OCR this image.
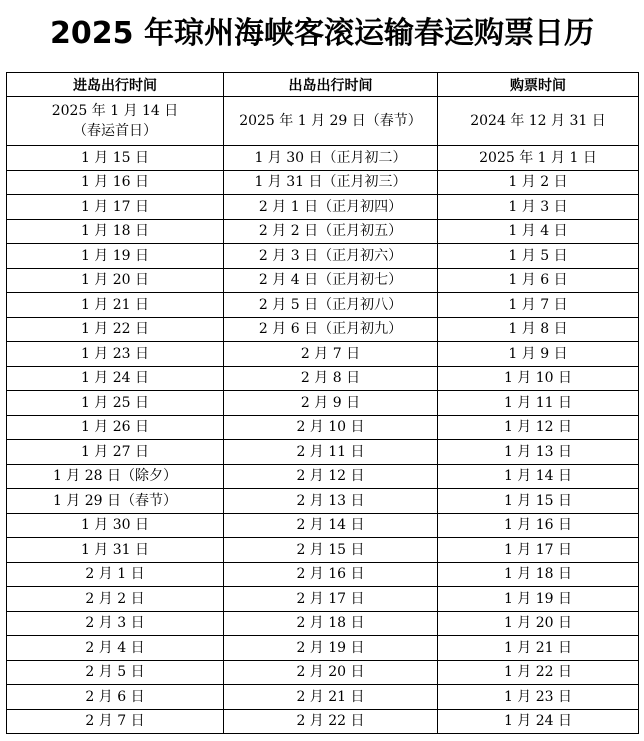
2025 年琼州海峡客滚运输春运购票日历
进岛出行时间	出岛出行时间	购票时间

2025 年 1 月 14 日
（春运首日）	2025 年 1 月 29 日（春节）	2024 年 12 月 31 日
1 月 15 日	1 月 30 日（正月初二）	2025 年 1 月 1 日
1 月 16 日	1 月 31 日（正月初三）	1 月 2 日
1 月 17 日	2 月 1 日（正月初四）	1 月 3 日
1 月 18 日	2 月 2 日（正月初五）	1 月 4 日
1 月 19 日	2 月 3 日（正月初六）	1 月 5 日
1 月 20 日	2 月 4 日（正月初七）	1 月 6 日
1 月 21 日	2 月 5 日（正月初八）	1 月 7 日
1 月 22 日	2 月 6 日（正月初九）	1 月 8 日
1 月 23 日	2 月 7 日	1 月 9 日
1 月 24 日	2 月 8 日	1 月 10 日
1 月 25 日	2 月 9 日	1 月 11 日
1 月 26 日	2 月 10 日	1 月 12 日
1 月 27 日	2 月 11 日	1 月 13 日
1 月 28 日（除夕）	2 月 12 日	1 月 14 日
1 月 29 日（春节）	2 月 13 日	1 月 15 日
1 月 30 日	2 月 14 日	1 月 16 日
1 月 31 日	2 月 15 日	1 月 17 日
2 月 1 日	2 月 16 日	1 月 18 日
2 月 2 日	2 月 17 日	1 月 19 日
2 月 3 日	2 月 18 日	1 月 20 日
2 月 4 日	2 月 19 日	1 月 21 日
2 月 5 日	2 月 20 日	1 月 22 日
2 月 6 日	2 月 21 日	1 月 23 日
2 月 7 日	2 月 22 日	1 月 24 日
